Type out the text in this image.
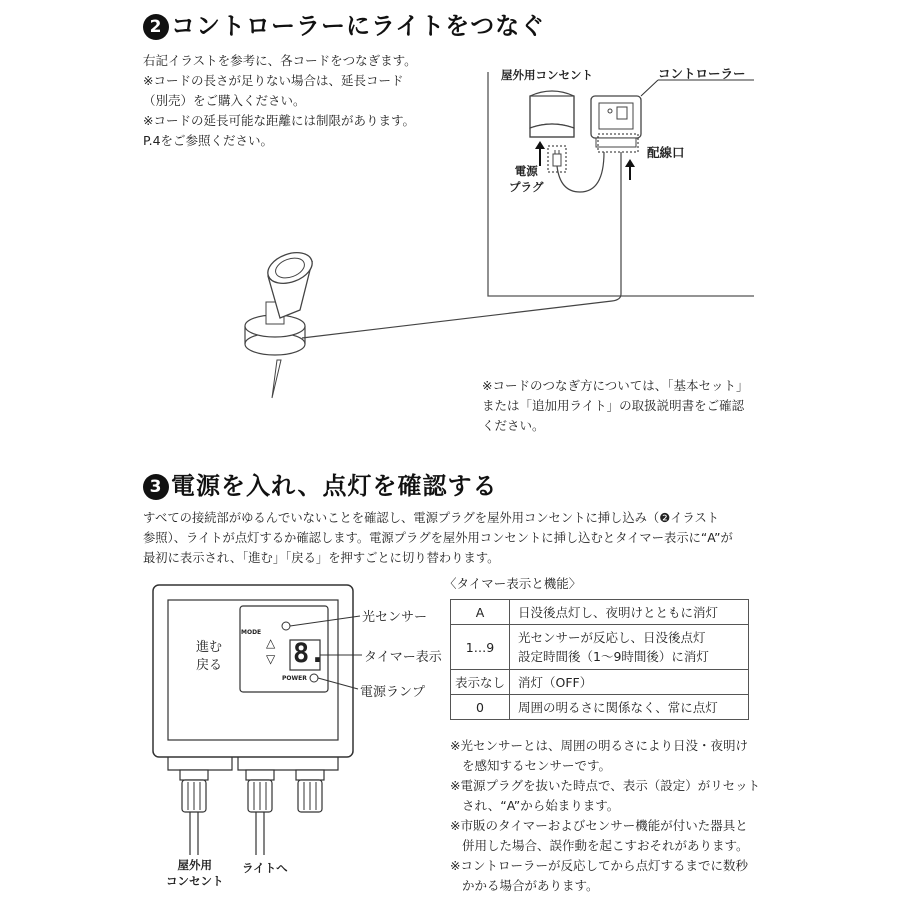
2 コントローラーにライトをつなぐ
右記イラストを参考に、各コードをつなぎます。
※コードの長さが足りない場合は、延長コード
（別売）をご購入ください。
※コードの延長可能な距離には制限があります。
P.4をご参照ください。
屋外用コンセント	コントローラー
電源
プラグ
配線口
※コードのつなぎ方については、「基本セット」
または「追加用ライト」の取扱説明書をご確認
ください。
3 電源を入れ、点灯を確認する
すべての接続部がゆるんでいないことを確認し、電源プラグを屋外用コンセントに挿し込み（❷イラスト
参照）、ライトが点灯するか確認します。電源プラグを屋外用コンセントに挿し込むとタイマー表示に“A”が
最初に表示され、「進む」「戻る」を押すごとに切り替わります。
MODE
8.
POWER
△
▽
進む
戻る
光センサー
タイマー表示
電源ランプ
屋外用
コンセント
ライトへ
〈タイマー表示と機能〉
A	日没後点灯し、夜明けとともに消灯

1…9	光センサーが反応し、日没後点灯
設定時間後（1〜9時間後）に消灯

表示なし	消灯（OFF）

0	周囲の明るさに関係なく、常に点灯
※光センサーとは、周囲の明るさにより日没・夜明け
を感知するセンサーです。
※電源プラグを抜いた時点で、表示（設定）がリセット
され、“A”から始まります。
※市販のタイマーおよびセンサー機能が付いた器具と
併用した場合、誤作動を起こすおそれがあります。
※コントローラーが反応してから点灯するまでに数秒
かかる場合があります。
